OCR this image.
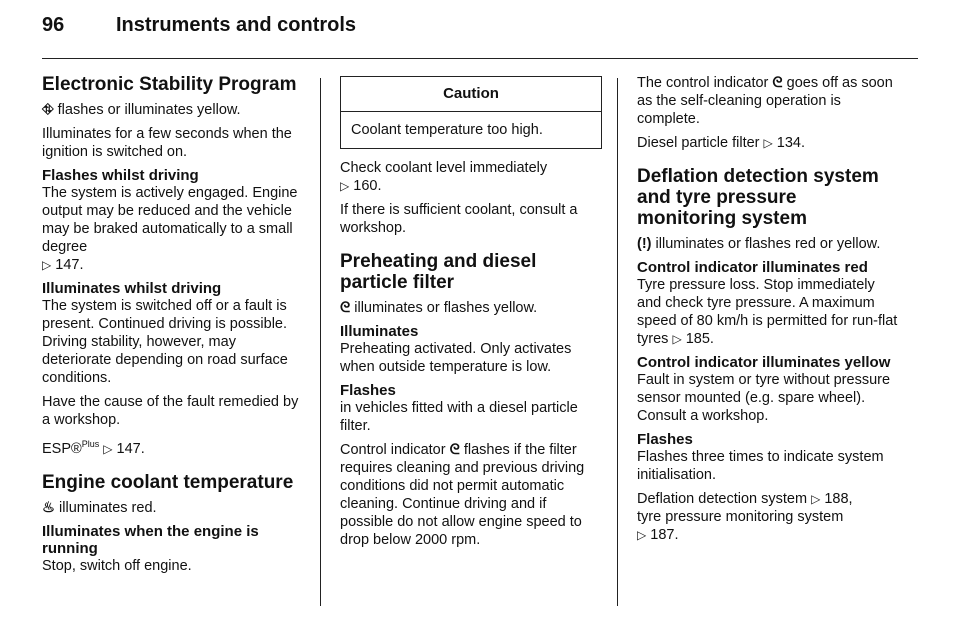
96	Instruments and controls
Electronic Stability Program

⛗ flashes or illuminates yellow.

Illuminates for a few seconds when the ignition is switched on.

Flashes whilst driving

The system is actively engaged. Engine output may be reduced and the vehicle may be braked automatically to a small degree
▷ 147.

Illuminates whilst driving

The system is switched off or a fault is present. Continued driving is possible. Driving stability, however, may deteriorate depending on road surface conditions.

Have the cause of the fault remedied by a workshop.

ESP®$^{Plus}$ ▷ 147.

Engine coolant temperature

♨ illuminates red.

Illuminates when the engine is running

Stop, switch off engine.

Caution
Coolant temperature too high.

Check coolant level immediately
▷ 160.

If there is sufficient coolant, consult a workshop.

Preheating and diesel particle filter

ᘓ illuminates or flashes yellow.

Illuminates

Preheating activated. Only activates when outside temperature is low.

Flashes

in vehicles fitted with a diesel particle filter.

Control indicator ᘓ flashes if the filter requires cleaning and previous driving conditions did not permit automatic cleaning. Continue driving and if possible do not allow engine speed to drop below 2000 rpm.

The control indicator ᘓ goes off as soon as the self-cleaning operation is complete.

Diesel particle filter ▷ 134.

Deflation detection system and tyre pressure monitoring system

(!) illuminates or flashes red or yellow.

Control indicator illuminates red

Tyre pressure loss. Stop immediately and check tyre pressure. A maximum speed of 80 km/h is permitted for run-flat tyres ▷ 185.

Control indicator illuminates yellow

Fault in system or tyre without pressure sensor mounted (e.g. spare wheel). Consult a workshop.

Flashes

Flashes three times to indicate system initialisation.

Deflation detection system ▷ 188,
tyre pressure monitoring system
▷ 187.
